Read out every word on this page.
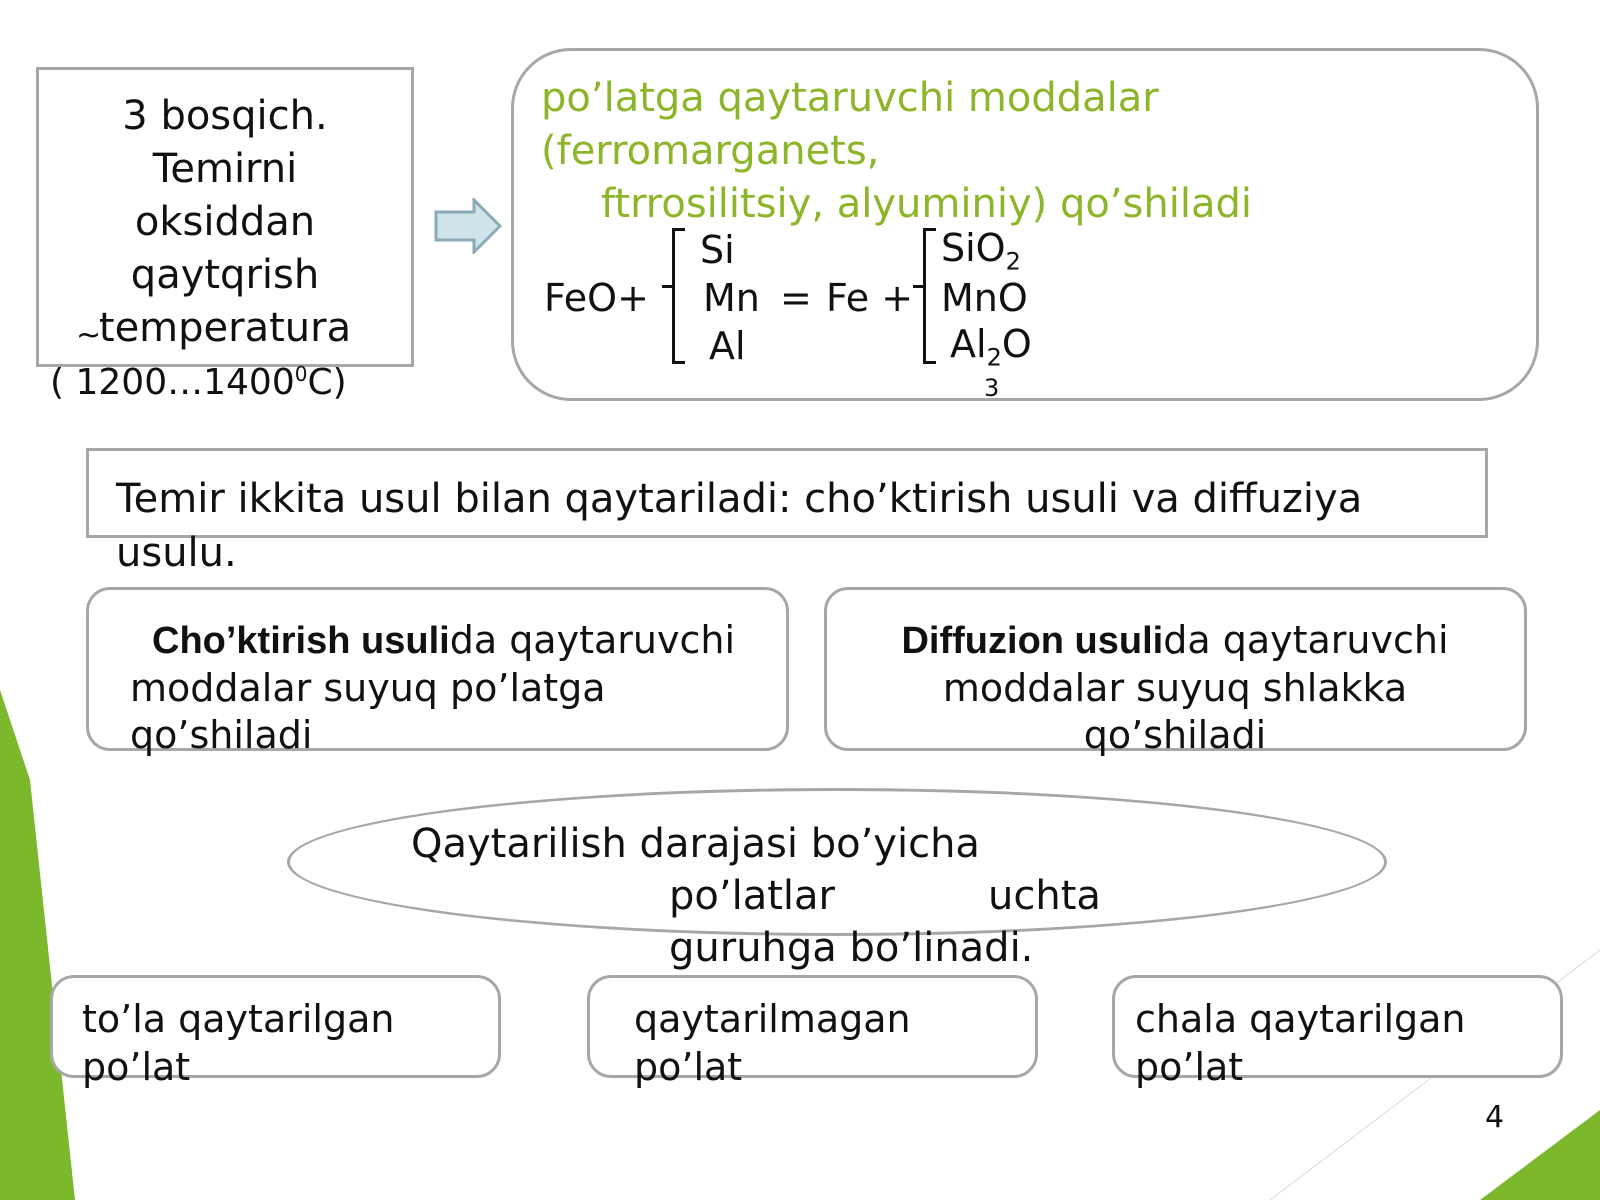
3 bosqich.
Temirni
oksiddan
qaytqrish
temperatura
~
( 1200…1400$^0$C)
po’latga qaytaruvchi moddalar
(ferromarganets,
ftrrosilitsiy, alyuminiy) qo’shiladi
FeO+
Si
Mn
Al
= Fe +
SiO$_2$
MnO
$Al_2O$
3
Temir ikkita usul bilan qaytariladi: cho’ktirish usuli va diffuziya
usulu.
Cho’ktirish usulida qaytaruvchi
moddalar suyuq po’latga
qo’shiladi
Diffuzion usulida qaytaruvchi
moddalar suyuq shlakka
qo’shiladi
Qaytarilish darajasi bo’yicha
po’latlar	uchta
guruhga bo’linadi.
to’la qaytarilgan
po’lat
qaytarilmagan
po’lat
chala qaytarilgan
po’lat
4
